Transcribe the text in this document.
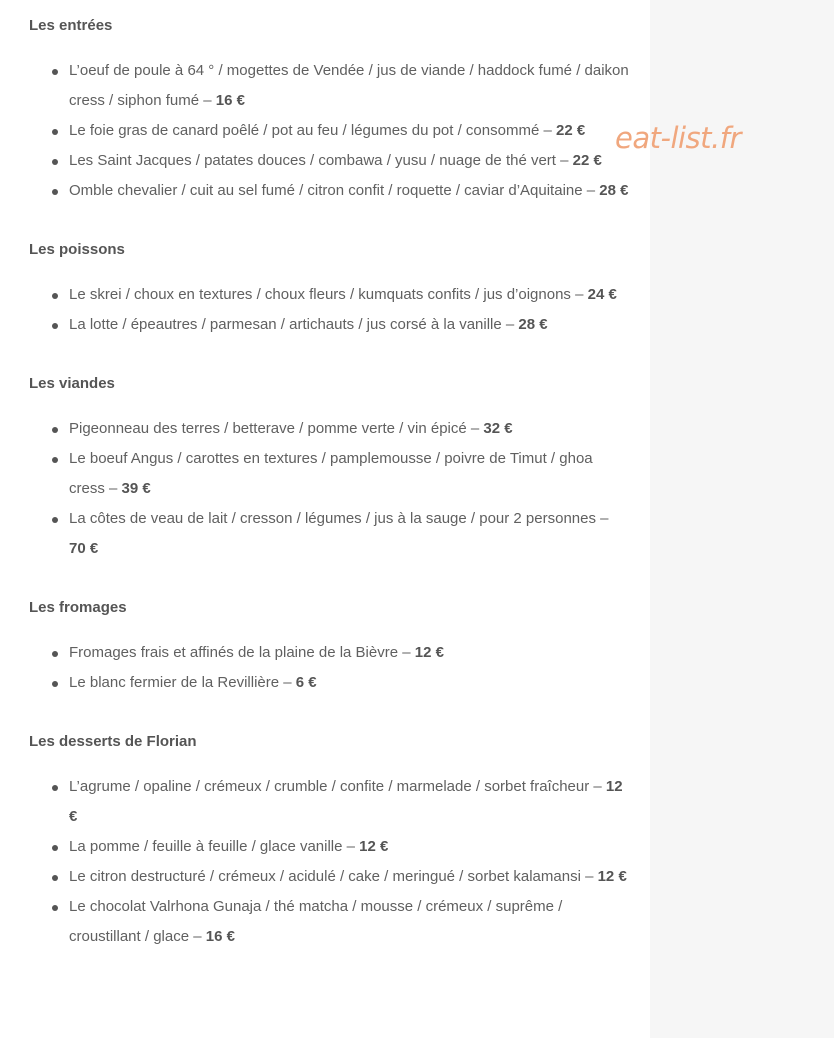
Les entrées
L’oeuf de poule à 64 ° / mogettes de Vendée / jus de viande / haddock fumé / daikon cress / siphon fumé – 16 €
Le foie gras de canard poêlé / pot au feu / légumes du pot / consommé – 22 €
Les Saint Jacques / patates douces / combawa / yusu / nuage de thé vert – 22 €
Omble chevalier / cuit au sel fumé / citron confit / roquette / caviar d’Aquitaine – 28 €
Les poissons
Le skrei / choux en textures / choux fleurs / kumquats confits / jus d’oignons – 24 €
La lotte / épeautres / parmesan / artichauts / jus corsé à la vanille – 28 €
Les viandes
Pigeonneau des terres / betterave / pomme verte / vin épicé – 32 €
Le boeuf Angus / carottes en textures / pamplemousse / poivre de Timut / ghoa cress – 39 €
La côtes de veau de lait / cresson / légumes / jus à la sauge / pour 2 personnes – 70 €
Les fromages
Fromages frais et affinés de la plaine de la Bièvre – 12 €
Le blanc fermier de la Revillière – 6 €
Les desserts de Florian
L’agrume / opaline / crémeux / crumble / confite / marmelade / sorbet fraîcheur – 12 €
La pomme / feuille à feuille / glace vanille – 12 €
Le citron destructuré / crémeux / acidulé / cake / meringué / sorbet kalamansi – 12 €
Le chocolat Valrhona Gunaja / thé matcha / mousse / crémeux / suprême / croustillant / glace – 16 €
eat-list.fr
